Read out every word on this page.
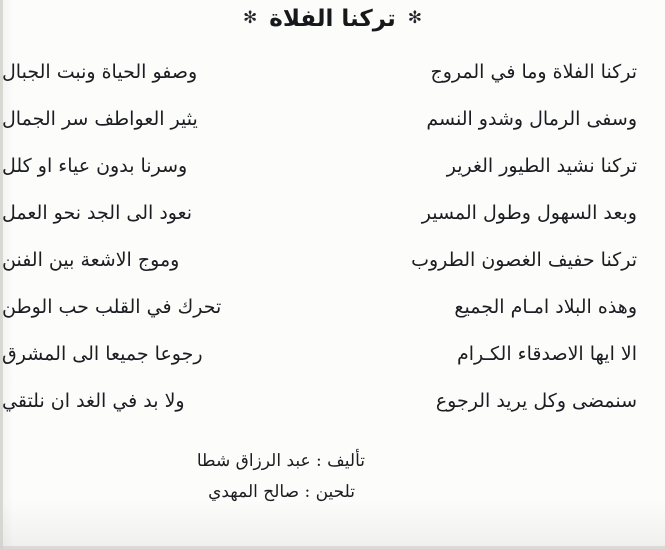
✻تركنا الفلاة✻
تركنا الفلاة وما في المروج
وسفى الرمال وشدو النسم
تركنا نشيد الطيور الغرير
وبعد السهول وطول المسير
تركنا حفيف الغصون الطروب
وهذه البلاد امـام الجميع
الا ايها الاصدقاء الكـرام
سنمضى وكل يريد الرجوع
وصفو الحياة ونبت الجبال
يثير العواطف سر الجمال
وسرنا بدون عياء او كلل
نعود الى الجد نحو العمل
وموج الاشعة بين الفنن
تحرك في القلب حب الوطن
رجوعا جميعا الى المشرق
ولا بد في الغد ان نلتقي
تأليف : عبد الرزاق شطا
تلحين : صالح المهدي
